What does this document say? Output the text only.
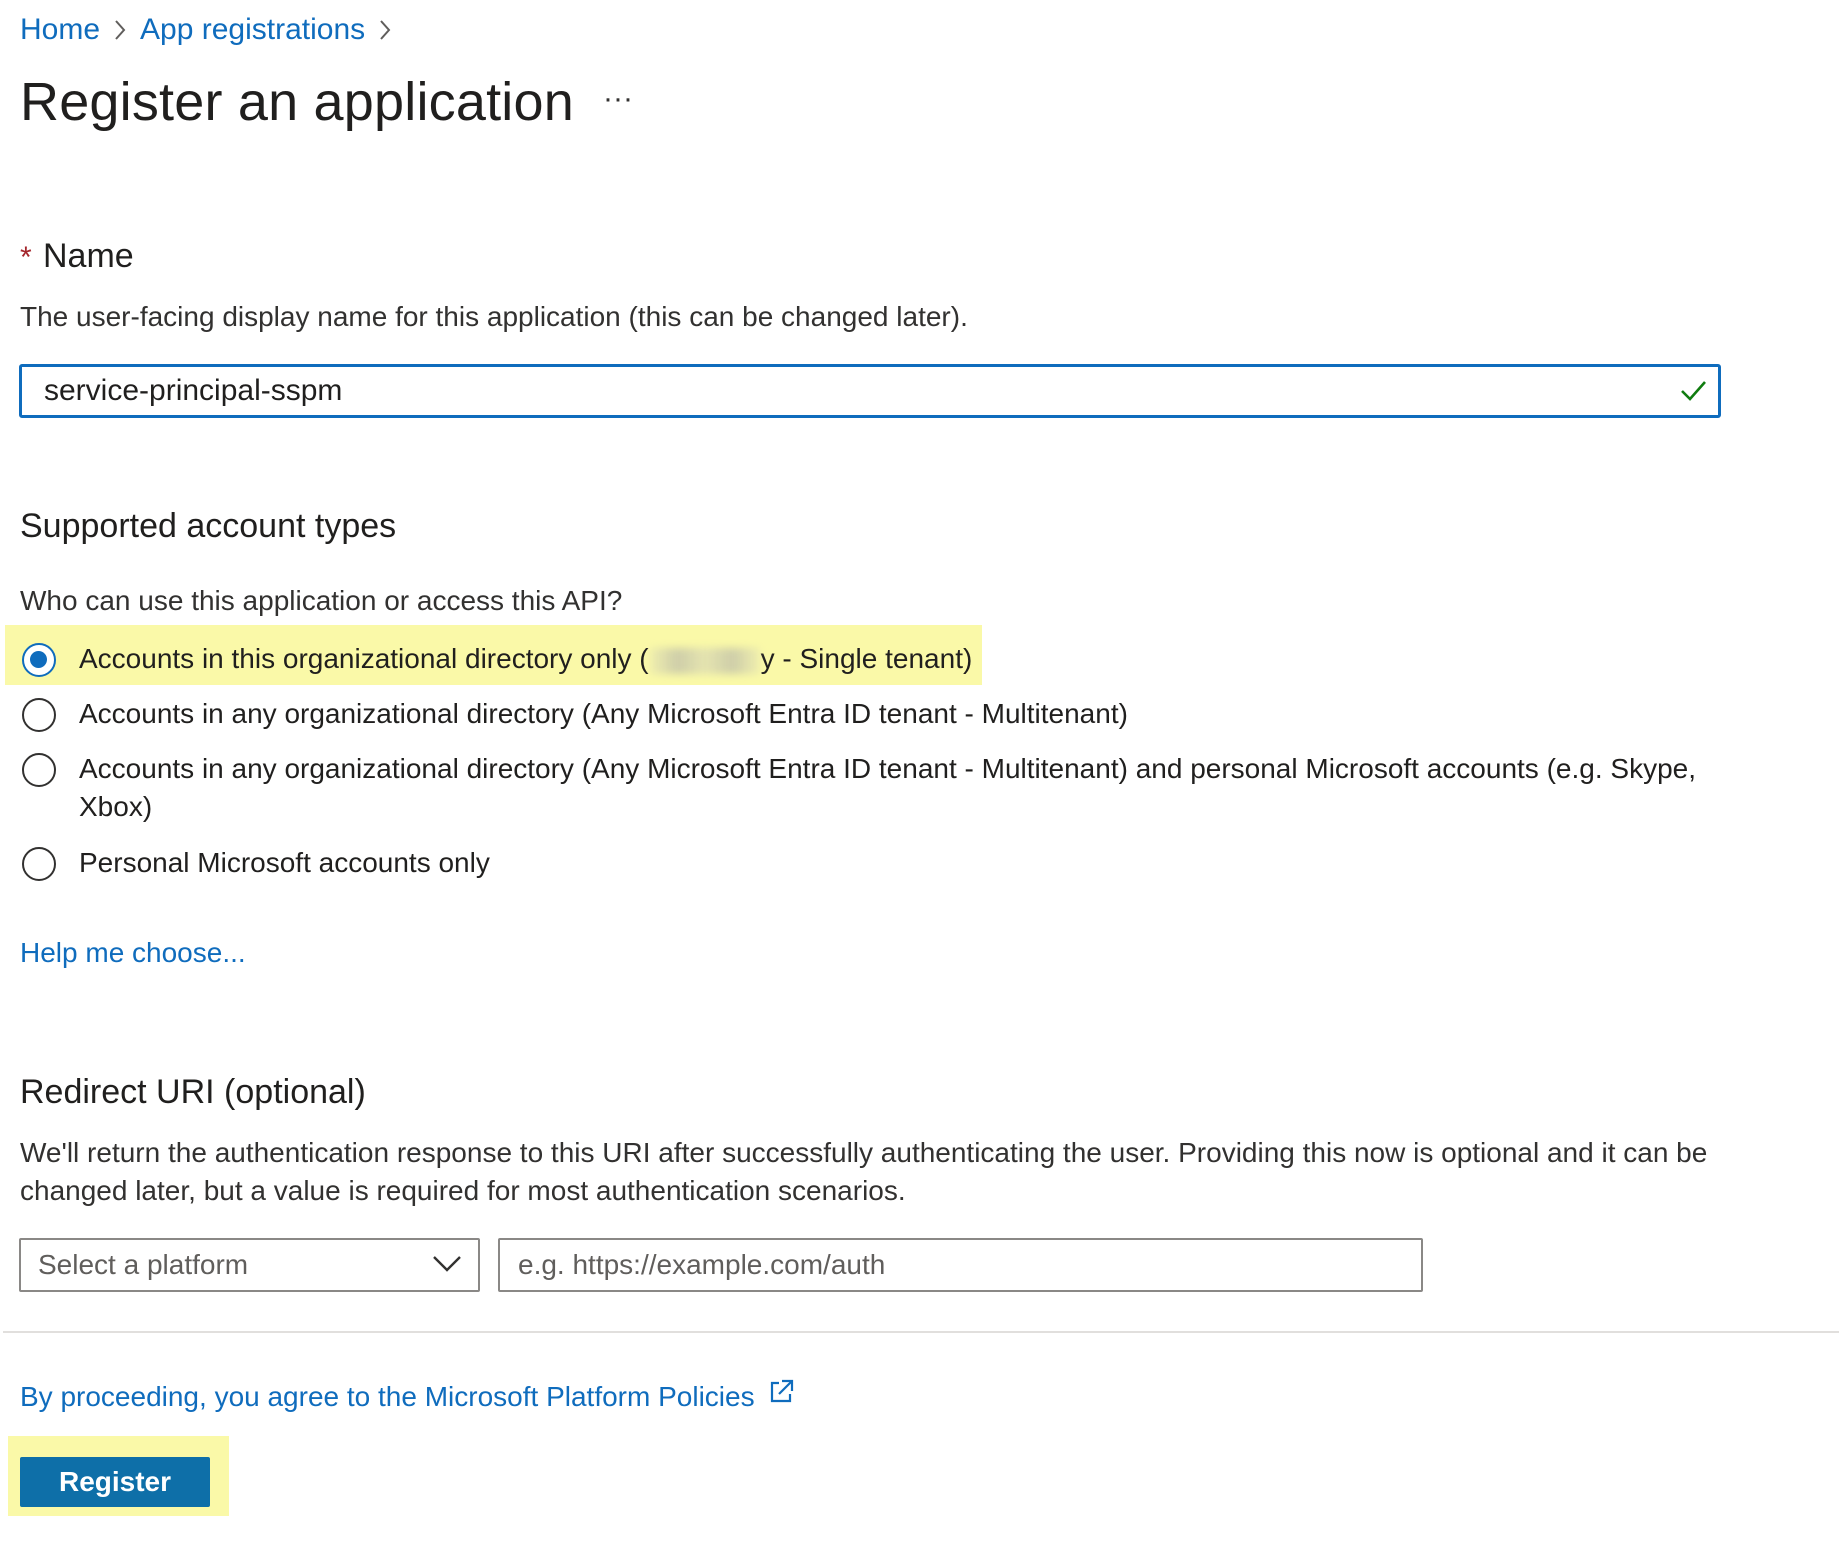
Home App registrations
Register an application ···
* Name
The user-facing display name for this application (this can be changed later).
service-principal-sspm
Supported account types
Who can use this application or access this API?
Accounts in this organizational directory only (	y - Single tenant)
Accounts in any organizational directory (Any Microsoft Entra ID tenant - Multitenant)
Accounts in any organizational directory (Any Microsoft Entra ID tenant - Multitenant) and personal Microsoft accounts (e.g. Skype, Xbox)
Personal Microsoft accounts only
Help me choose...
Redirect URI (optional)
We'll return the authentication response to this URI after successfully authenticating the user. Providing this now is optional and it can be changed later, but a value is required for most authentication scenarios.
Select a platform
e.g. https://example.com/auth
By proceeding, you agree to the Microsoft Platform Policies
Register
